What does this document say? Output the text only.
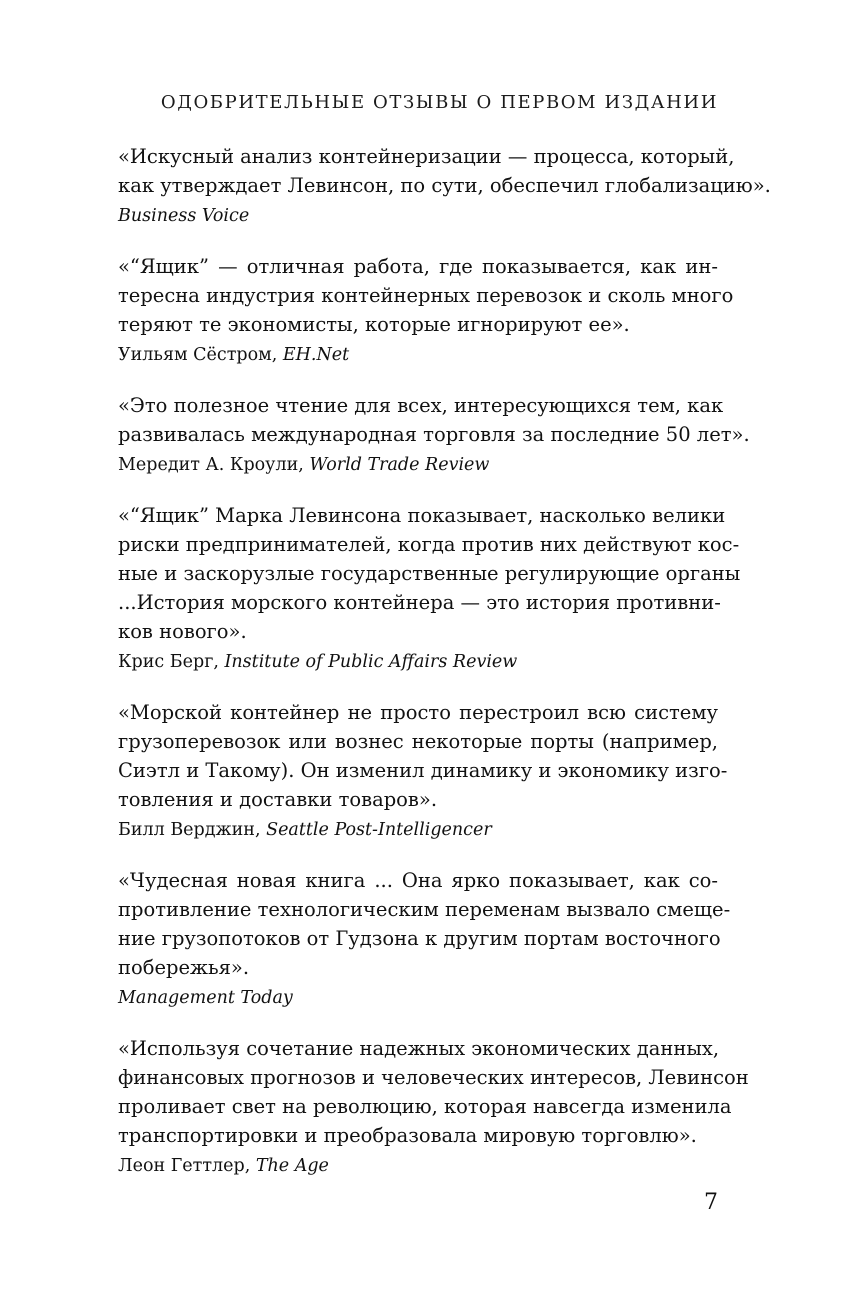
ОДОБРИТЕЛЬНЫЕ ОТЗЫВЫ О ПЕРВОМ ИЗДАНИИ
«Искусный анализ контейнеризации — процесса, который,
как утверждает Левинсон, по сути, обеспечил глобализацию».
Business Voice
«“Ящик” — отличная работа, где показывается, как ин-
тересна индустрия контейнерных перевозок и сколь много
теряют те экономисты, которые игнорируют ее».
Уильям Сёстром, EH.Net
«Это полезное чтение для всех, интересующихся тем, как
развивалась международная торговля за последние 50 лет».
Мередит А. Кроули, World Trade Review
«“Ящик” Марка Левинсона показывает, насколько велики
риски предпринимателей, когда против них действуют кос-
ные и заскорузлые государственные регулирующие органы
...История морского контейнера — это история противни-
ков нового».
Крис Берг, Institute of Public Affairs Review
«Морской контейнер не просто перестроил всю систему
грузоперевозок или вознес некоторые порты (например,
Сиэтл и Такому). Он изменил динамику и экономику изго-
товления и доставки товаров».
Билл Верджин, Seattle Post-Intelligencer
«Чудесная новая книга ... Она ярко показывает, как со-
противление технологическим переменам вызвало смеще-
ние грузопотоков от Гудзона к другим портам восточного
побережья».
Management Today
«Используя сочетание надежных экономических данных,
финансовых прогнозов и человеческих интересов, Левинсон
проливает свет на революцию, которая навсегда изменила
транспортировки и преобразовала мировую торговлю».
Леон Геттлер, The Age
7
